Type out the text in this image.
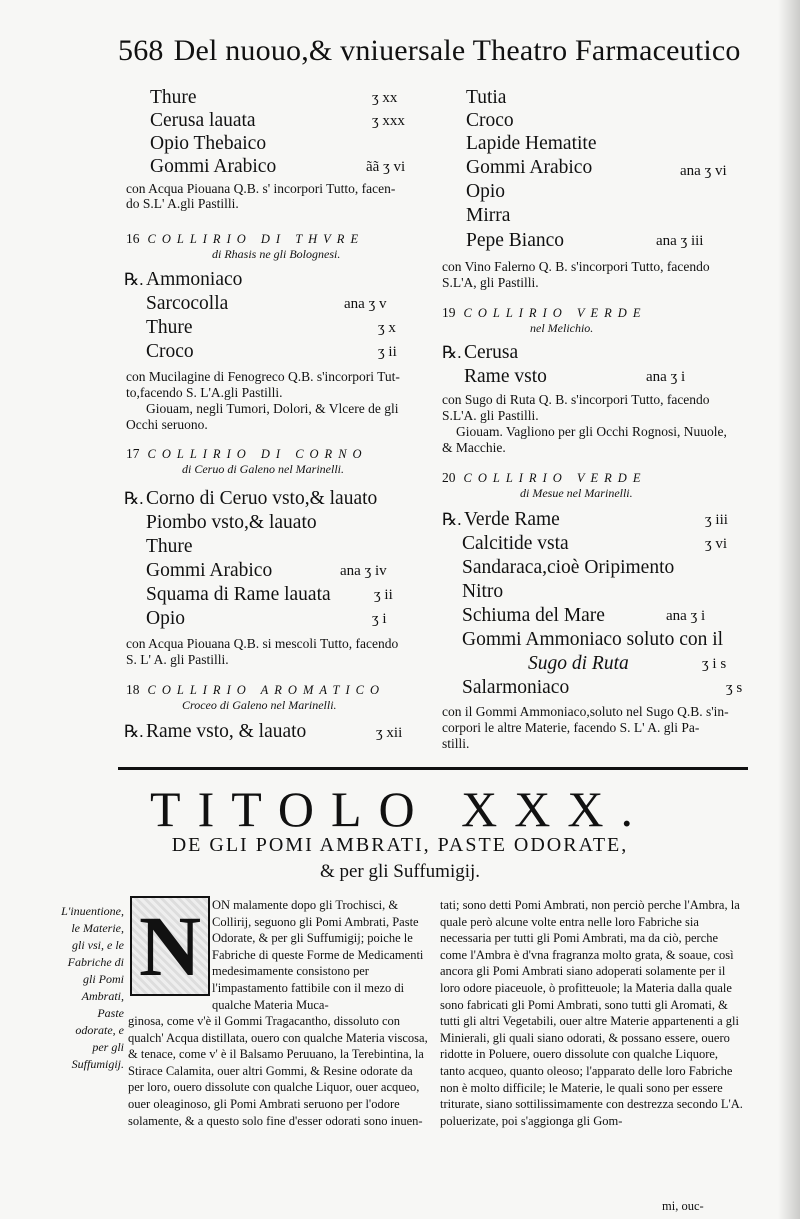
568 Del nuouo,& vniuersale Theatro Farmaceutico
Thure	ʒ xx
Cerusa lauata	ʒ xxx
Opio Thebaico
Gommi Arabico	ãã ʒ vi
con Acqua Piouana Q.B. s' incorpori Tutto, facen-
do S.L' A.gli Pastilli.
16 COLLIRIO DI THVRE
di Rhasis ne gli Bolognesi.
℞. Ammoniaco
Sarcocolla	ana ʒ v
Thure	ʒ x
Croco	ʒ ii
con Mucilagine di Fenogreco Q.B. s'incorpori Tut-
to,facendo S. L'A.gli Pastilli.
Giouam, negli Tumori, Dolori, & Vlcere de gli
Occhi seruono.
17 COLLIRIO DI CORNO
di Ceruo di Galeno nel Marinelli.
℞. Corno di Ceruo vsto,& lauato
Piombo vsto,& lauato
Thure
Gommi Arabico	ana ʒ iv
Squama di Rame lauata	ʒ ii
Opio	ʒ i
con Acqua Piouana Q.B. si mescoli Tutto, facendo
S. L' A. gli Pastilli.
18 COLLIRIO AROMATICO
Croceo di Galeno nel Marinelli.
℞. Rame vsto, & lauato	ʒ xii
Tutia
Croco
Lapide Hematite
Gommi Arabico	ana ʒ vi
Opio
Mirra
Pepe Bianco	ana ʒ iii
con Vino Falerno Q. B. s'incorpori Tutto, facendo
S.L'A, gli Pastilli.
19 COLLIRIO VERDE
nel Melichio.
℞. Cerusa
Rame vsto	ana ʒ i
con Sugo di Ruta Q. B. s'incorpori Tutto, facendo
S.L'A. gli Pastilli.
Giouam. Vagliono per gli Occhi Rognosi, Nuuole,
& Macchie.
20 COLLIRIO VERDE
di Mesue nel Marinelli.
℞. Verde Rame	ʒ iii
Calcitide vsta	ʒ vi
Sandaraca,cioè Oripimento
Nitro
Schiuma del Mare	ana ʒ i
Gommi Ammoniaco soluto con il
Sugo di Ruta	ʒ i s
Salarmoniaco	ʒ s
con il Gommi Ammoniaco,soluto nel Sugo Q.B. s'in-
corpori le altre Materie, facendo S. L' A. gli Pa-
stilli.
TITOLO XXX.
DE GLI POMI AMBRATI, PASTE ODORATE,
& per gli Suffumigij.
L'inuentione, le Materie, gli vsi, e le Fabriche di gli Pomi Ambrati, Paste odorate, e per gli Suffumigij.
N ON malamente dopo gli Trochisci, & Collirij, seguono gli Pomi Ambrati, Paste Odorate, & per gli Suffumigij; poiche le Fabriche di queste Forme de Medicamenti medesimamente consistono per l'impastamento fattibile con il mezo di qualche Materia Muca-

ginosa, come v'è il Gommi Tragacantho, dissoluto con qualch' Acqua distillata, ouero con qualche Materia viscosa, & tenace, come v' è il Balsamo Peruuano, la Terebintina, la Stirace Calamita, ouer altri Gommi, & Resine odorate da per loro, ouero dissolute con qualche Liquor, ouer acqueo, ouer oleaginoso, gli Pomi Ambrati seruono per l'odore solamente, & a questo solo fine d'esser odorati sono inuen-

tati; sono detti Pomi Ambrati, non perciò perche l'Ambra, la quale però alcune volte entra nelle loro Fabriche sia necessaria per tutti gli Pomi Ambrati, ma da ciò, perche come l'Ambra è d'vna fragranza molto grata, & soaue, così ancora gli Pomi Ambrati siano adoperati solamente per il loro odore piaceuole, ò profitteuole; la Materia dalla quale sono fabricati gli Pomi Ambrati, sono tutti gli Aromati, & tutti gli altri Vegetabili, ouer altre Materie appartenenti a gli Minierali, gli quali siano odorati, & possano essere, ouero ridotte in Poluere, ouero dissolute con qualche Liquore, tanto acqueo, quanto oleoso; l'apparato delle loro Fabriche non è molto difficile; le Materie, le quali sono per essere triturate, siano sottilissimamente con destrezza secondo L'A. poluerizate, poi s'aggionga gli Gom-

mi, ouc-
